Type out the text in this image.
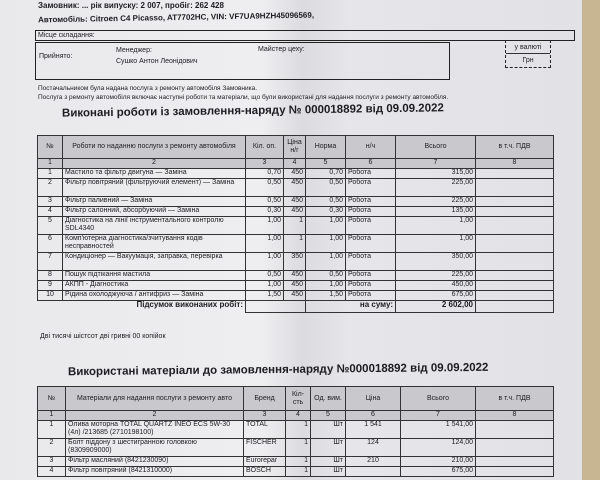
Замовник: ... рік випуску: 2 007, пробіг: 262 428
Автомобіль: Citroen C4 Picasso, AT7702HC, VIN: VF7UA9HZH45096569,
Місце складання:
Прийнято:
Менеджер:
Сушко Антон Леонідович
Майстер цеху:	у валюті
Грн
Постачальником була надана послуга з ремонту автомобіля Замовника.
Послуга з ремонту автомобіля включає наступні роботи та матеріали, що були використані для надання послуги з ремонту автомобіля.
Виконані роботи із замовлення-наряду № 000018892 від 09.09.2022
№	Роботи по наданню послуги з ремонту автомобіля	Кіл. оп.	Ціна н/г	Норма	н/ч	Всього	в т.ч. ПДВ
1	2	3	4	5	6	7	8
1	Мастило та фільтр двигуна — Заміна	0,70	450	0,70	Робота	315,00	
2	Фільтр повітряний (фільтруючий елемент) — Заміна	0,50	450	0,50	Робота	225,00	
3	Фільтр паливний — Заміна	0,50	450	0,50	Робота	225,00	
4	Фільтр салонний, абсорбуючий — Заміна	0,30	450	0,30	Робота	135,00	
5	Діагностика на лінії інструментального контролю SDL4340	1,00	1	1,00	Робота	1,00	
6	Комп'ютерна діагностика/зчитування кодів несправностей	1,00	1	1,00	Робота	1,00	
7	Кондиціонер — Вакуумація, заправка, перевірка	1,00	350	1,00	Робота	350,00	
8	Пошук підтікання мастила	0,50	450	0,50	Робота	225,00	
9	АКПП - Діагностика	1,00	450	1,00	Робота	450,00	
10	Рідина охолоджуюча / антифриз — Заміна	1,50	450	1,50	Робота	675,00	
Підсумок виконаних робіт:				на суму:		2 602,00	
Дві тисячі шістсот дві гривні 00 копійок
Використані матеріали до замовлення-наряду №000018892 від 09.09.2022
№	Матеріали для надання послуги з ремонту авто	Бренд	Кіл-сть	Од. вим.	Ціна	Всього	в т.ч. ПДВ
1	2	3	4	5	6	7	8
1	Олива моторна TOTAL QUARTZ INEO ECS 5W-30 (4л) /213685 (2710198100)	TOTAL	1	Шт	1 541	1 541,00	
2	Болт піддону з шестигранною головкою (8309909000)	FISCHER	1	Шт	124	124,00	
3	Фільтр масляний (8421230090)	Eurorepar	1	Шт	210	210,00	
4	Фільтр повітряний (8421310000)	BOSCH	1	Шт		675,00	
